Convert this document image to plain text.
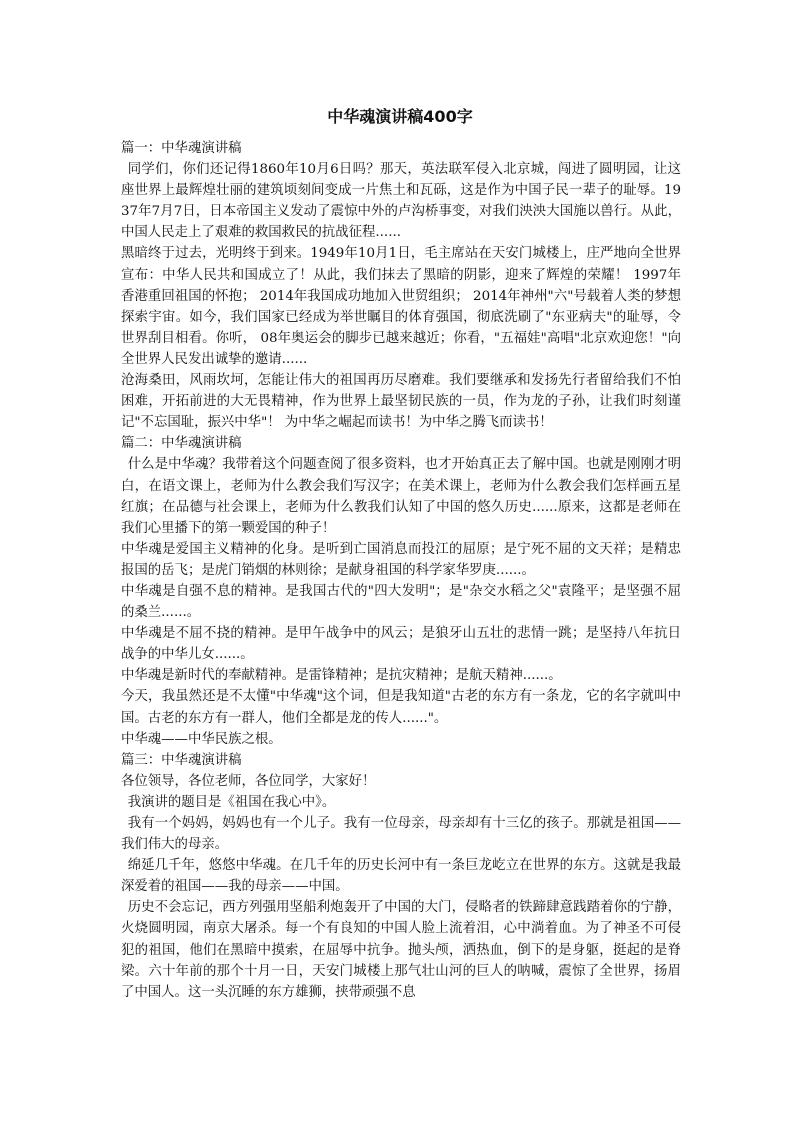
中华魂演讲稿400字

篇一：中华魂演讲稿

同学们，你们还记得1860年10月6日吗？那天，英法联军侵入北京城，闯进了圆明园，让这座世界上最辉煌壮丽的建筑顷刻间变成一片焦土和瓦砾，这是作为中国子民一辈子的耻辱。1937年7月7日，日本帝国主义发动了震惊中外的卢沟桥事变，对我们泱泱大国施以兽行。从此，中国人民走上了艰难的救国救民的抗战征程......

黑暗终于过去，光明终于到来。1949年10月1日，毛主席站在天安门城楼上，庄严地向全世界宣布：中华人民共和国成立了！从此，我们抹去了黑暗的阴影，迎来了辉煌的荣耀！ 1997年香港重回祖国的怀抱； 2014年我国成功地加入世贸组织； 2014年神州"六"号载着人类的梦想探索宇宙。如今，我们国家已经成为举世瞩目的体育强国，彻底洗刷了"东亚病夫"的耻辱，令世界刮目相看。你听， 08年奥运会的脚步已越来越近；你看，"五福娃"高唱"北京欢迎您！"向全世界人民发出诚挚的邀请......

沧海桑田，风雨坎坷，怎能让伟大的祖国再历尽磨难。我们要继承和发扬先行者留给我们不怕困难，开拓前进的大无畏精神，作为世界上最坚韧民族的一员，作为龙的子孙，让我们时刻谨记"不忘国耻，振兴中华"！ 为中华之崛起而读书！为中华之腾飞而读书！

篇二：中华魂演讲稿

什么是中华魂？我带着这个问题查阅了很多资料，也才开始真正去了解中国。也就是刚刚才明白，在语文课上，老师为什么教会我们写汉字；在美术课上，老师为什么教会我们怎样画五星红旗；在品德与社会课上，老师为什么教我们认知了中国的悠久历史......原来，这都是老师在我们心里播下的第一颗爱国的种子！

中华魂是爱国主义精神的化身。是听到亡国消息而投江的屈原；是宁死不屈的文天祥；是精忠报国的岳飞；是虎门销烟的林则徐；是献身祖国的科学家华罗庚......。

中华魂是自强不息的精神。是我国古代的"四大发明"；是"杂交水稻之父"袁隆平；是坚强不屈的桑兰......。

中华魂是不屈不挠的精神。是甲午战争中的风云；是狼牙山五壮的悲情一跳；是坚持八年抗日战争的中华儿女......。

中华魂是新时代的奉献精神。是雷锋精神；是抗灾精神；是航天精神......。

今天，我虽然还是不太懂"中华魂"这个词，但是我知道"古老的东方有一条龙，它的名字就叫中国。古老的东方有一群人，他们全都是龙的传人......"。

中华魂——中华民族之根。

篇三：中华魂演讲稿

各位领导，各位老师，各位同学，大家好！

我演讲的题目是《祖国在我心中》。

我有一个妈妈，妈妈也有一个儿子。我有一位母亲，母亲却有十三亿的孩子。那就是祖国——我们伟大的母亲。

绵延几千年，悠悠中华魂。在几千年的历史长河中有一条巨龙屹立在世界的东方。这就是我最深爱着的祖国——我的母亲——中国。

历史不会忘记，西方列强用坚船利炮轰开了中国的大门，侵略者的铁蹄肆意践踏着你的宁静，火烧圆明园，南京大屠杀。每一个有良知的中国人脸上流着泪，心中淌着血。为了神圣不可侵犯的祖国，他们在黑暗中摸索，在屈辱中抗争。抛头颅，洒热血，倒下的是身躯，挺起的是脊梁。六十年前的那个十月一日，天安门城楼上那气壮山河的巨人的呐喊，震惊了全世界，扬眉了中国人。这一头沉睡的东方雄狮，挟带顽强不息
